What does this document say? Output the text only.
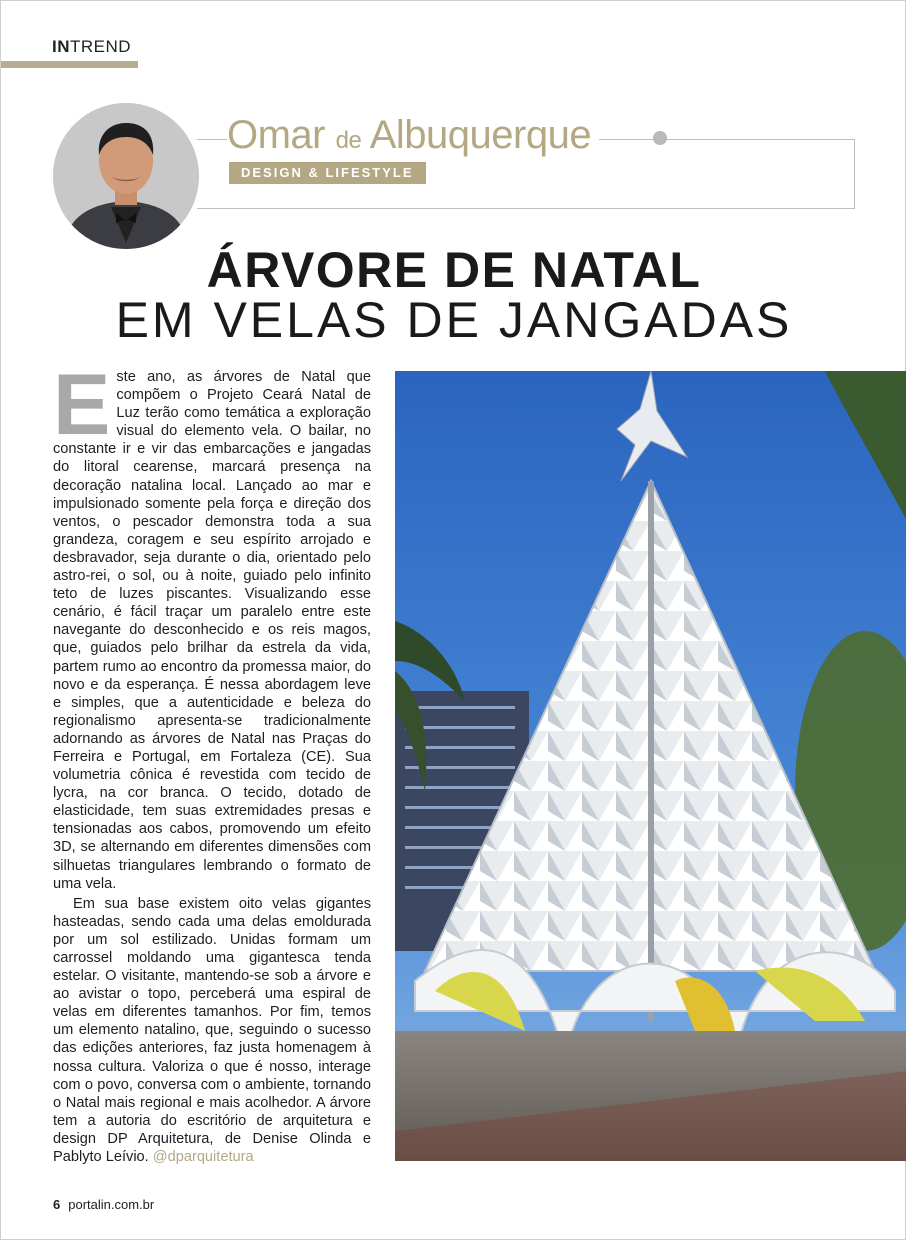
INTREND
Omar de Albuquerque
DESIGN & LIFESTYLE
ÁRVORE DE NATAL
EM VELAS DE JANGADAS

Este ano, as árvores de Natal que compõem o Projeto Ceará Natal de Luz terão como temática a exploração visual do elemento vela. O bailar, no constante ir e vir das embarcações e jangadas do litoral cearense, marcará presença na decoração natalina local. Lançado ao mar e impulsionado somente pela força e direção dos ventos, o pescador demonstra toda a sua grandeza, coragem e seu espírito arrojado e desbravador, seja durante o dia, orientado pelo astro-rei, o sol, ou à noite, guiado pelo infinito teto de luzes piscantes. Visualizando esse cenário, é fácil traçar um paralelo entre este navegante do desconhecido e os reis magos, que, guiados pelo brilhar da estrela da vida, partem rumo ao encontro da promessa maior, do novo e da esperança. É nessa abordagem leve e simples, que a autenticidade e beleza do regionalismo apresenta-se tradicionalmente adornando as árvores de Natal nas Praças do Ferreira e Portugal, em Fortaleza (CE). Sua volumetria cônica é revestida com tecido de lycra, na cor branca. O tecido, dotado de elasticidade, tem suas extremidades presas e tensionadas aos cabos, promovendo um efeito 3D, se alternando em diferentes dimensões com silhuetas triangulares lembrando o formato de uma vela.

Em sua base existem oito velas gigantes hasteadas, sendo cada uma delas emoldurada por um sol estilizado. Unidas formam um carrossel moldando uma gigantesca tenda estelar. O visitante, mantendo-se sob a árvore e ao avistar o topo, perceberá uma espiral de velas em diferentes tamanhos. Por fim, temos um elemento natalino, que, seguindo o sucesso das edições anteriores, faz justa homenagem à nossa cultura. Valoriza o que é nosso, interage com o povo, conversa com o ambiente, tornando o Natal mais regional e mais acolhedor. A árvore tem a autoria do escritório de arquitetura e design DP Arquitetura, de Denise Olinda e Pablyto Leívio. @dparquitetura

6 portalin.com.br
